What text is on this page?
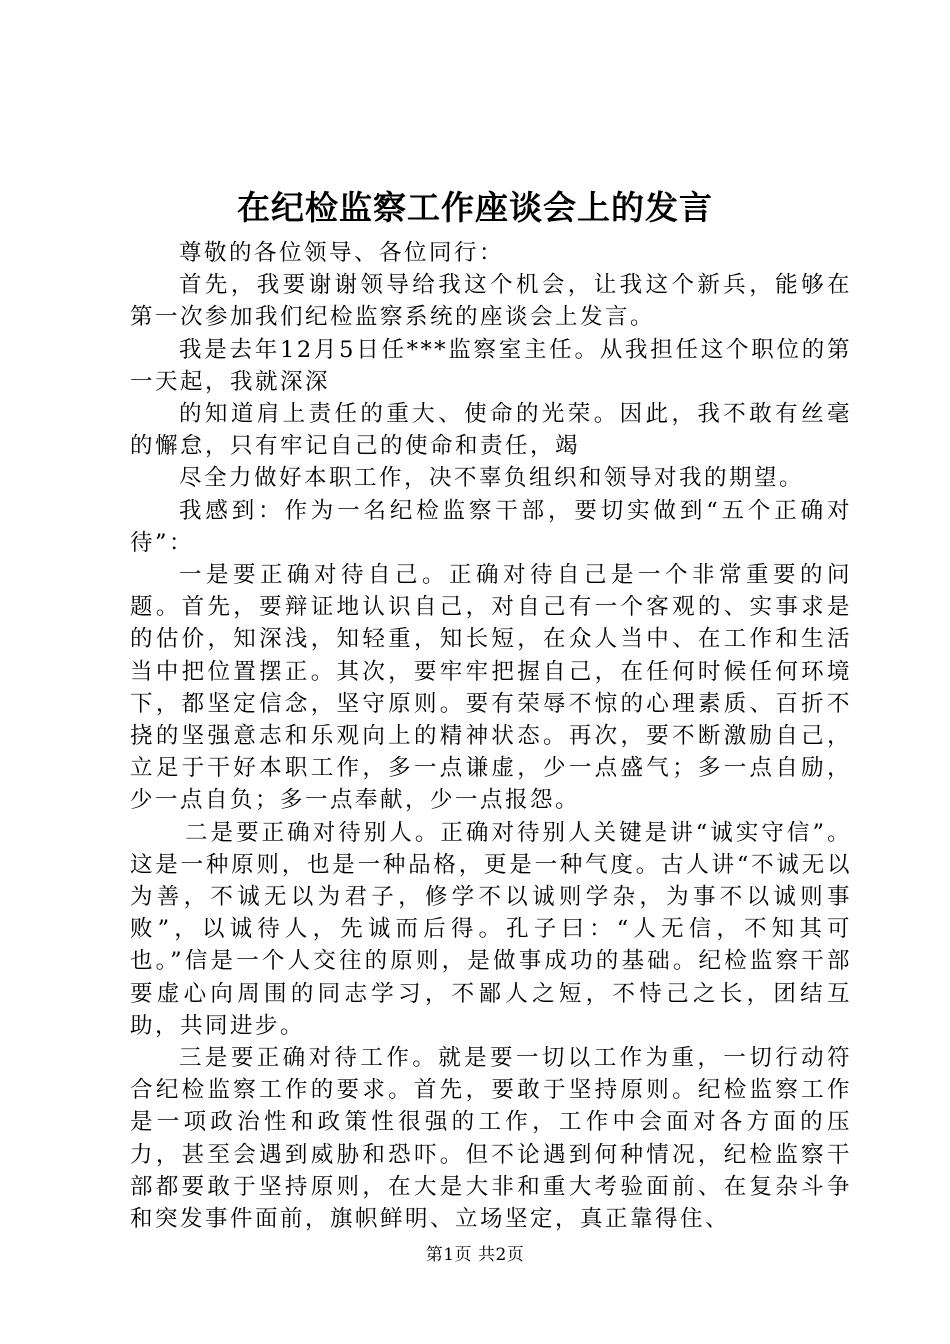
在纪检监察工作座谈会上的发言

尊敬的各位领导、各位同行：

首先，我要谢谢领导给我这个机会，让我这个新兵，能够在第一次参加我们纪检监察系统的座谈会上发言。

我是去年12月5日任***监察室主任。从我担任这个职位的第一天起，我就深深

的知道肩上责任的重大、使命的光荣。因此，我不敢有丝毫的懈怠，只有牢记自己的使命和责任，竭

尽全力做好本职工作，决不辜负组织和领导对我的期望。

我感到：作为一名纪检监察干部，要切实做到“五个正确对待”：

一是要正确对待自己。正确对待自己是一个非常重要的问题。首先，要辩证地认识自己，对自己有一个客观的、实事求是的估价，知深浅，知轻重，知长短，在众人当中、在工作和生活当中把位置摆正。其次，要牢牢把握自己，在任何时候任何环境下，都坚定信念，坚守原则。要有荣辱不惊的心理素质、百折不挠的坚强意志和乐观向上的精神状态。再次，要不断激励自己，立足于干好本职工作，多一点谦虚，少一点盛气；多一点自励，少一点自负；多一点奉献，少一点报怨。

二是要正确对待别人。正确对待别人关键是讲“诚实守信”。这是一种原则，也是一种品格，更是一种气度。古人讲“不诚无以为善，不诚无以为君子，修学不以诚则学杂，为事不以诚则事败”，以诚待人，先诚而后得。孔子曰：“人无信，不知其可也。”信是一个人交往的原则，是做事成功的基础。纪检监察干部要虚心向周围的同志学习，不鄙人之短，不恃己之长，团结互助，共同进步。

三是要正确对待工作。就是要一切以工作为重，一切行动符合纪检监察工作的要求。首先，要敢于坚持原则。纪检监察工作是一项政治性和政策性很强的工作，工作中会面对各方面的压力，甚至会遇到威胁和恐吓。但不论遇到何种情况，纪检监察干部都要敢于坚持原则，在大是大非和重大考验面前、在复杂斗争和突发事件面前，旗帜鲜明、立场坚定，真正靠得住、

第1页 共2页
